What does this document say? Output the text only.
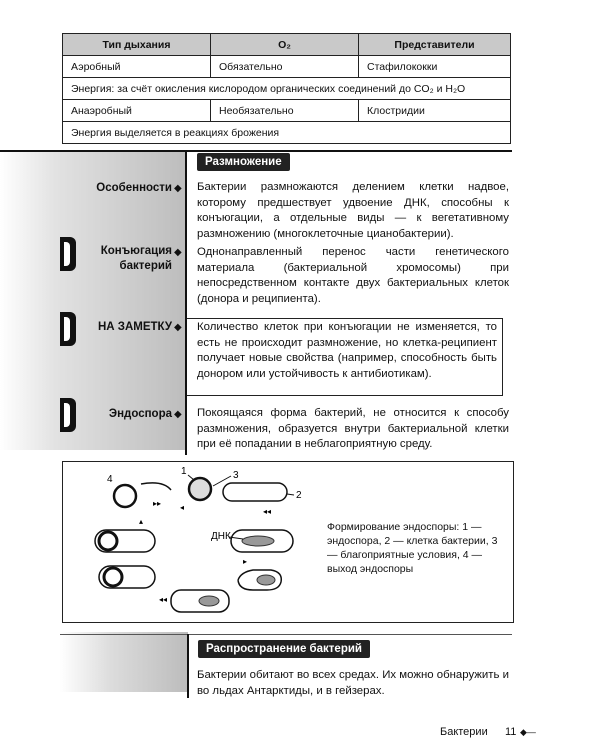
Тип дыхания	O₂	Представители
Аэробный	Обязательно	Стафилококки
Энергия: за счёт окисления кислородом органических соединений до CO₂ и H₂O
Анаэробный	Необязательно	Клостридии
Энергия выделяется в реакциях брожения
Размножение
Особенности ◆ Бактерии размножаются делением клетки надвое, которому предшествует удвоение ДНК, способны к конъюгации, а отдельные виды — к вегетативному размножению (многоклеточные цианобактерии).
Конъюгация
бактерий
◆ Однонаправленный перенос части генетического материала (бактериальной хромосомы) при непосредственном контакте двух бактериальных клеток (донора и реципиента).
НА ЗАМЕТКУ ◆ Количество клеток при конъюгации не изменяется, то есть не происходит размножение, но клетка-реципиент получает новые свойства (например, способность быть донором или устойчивость к антибиотикам).
Эндоспора ◆ Покоящаяся форма бактерий, не относится к способу размножения, образуется внутри бактериальной клетки при её попадании в неблагоприятную среду.
4
1	3
2
▸▸ ◂	◂◂
ДНК
▴
◂◂
▸
Формирование эндоспоры: 1 — эндоспора, 2 — клетка бактерии, 3 — благоприятные условия, 4 — выход эндоспоры
Распространение бактерий
Бактерии обитают во всех средах. Их можно обнаружить и во льдах Антарктиды, и в гейзерах.
Бактерии 11 ◆—
